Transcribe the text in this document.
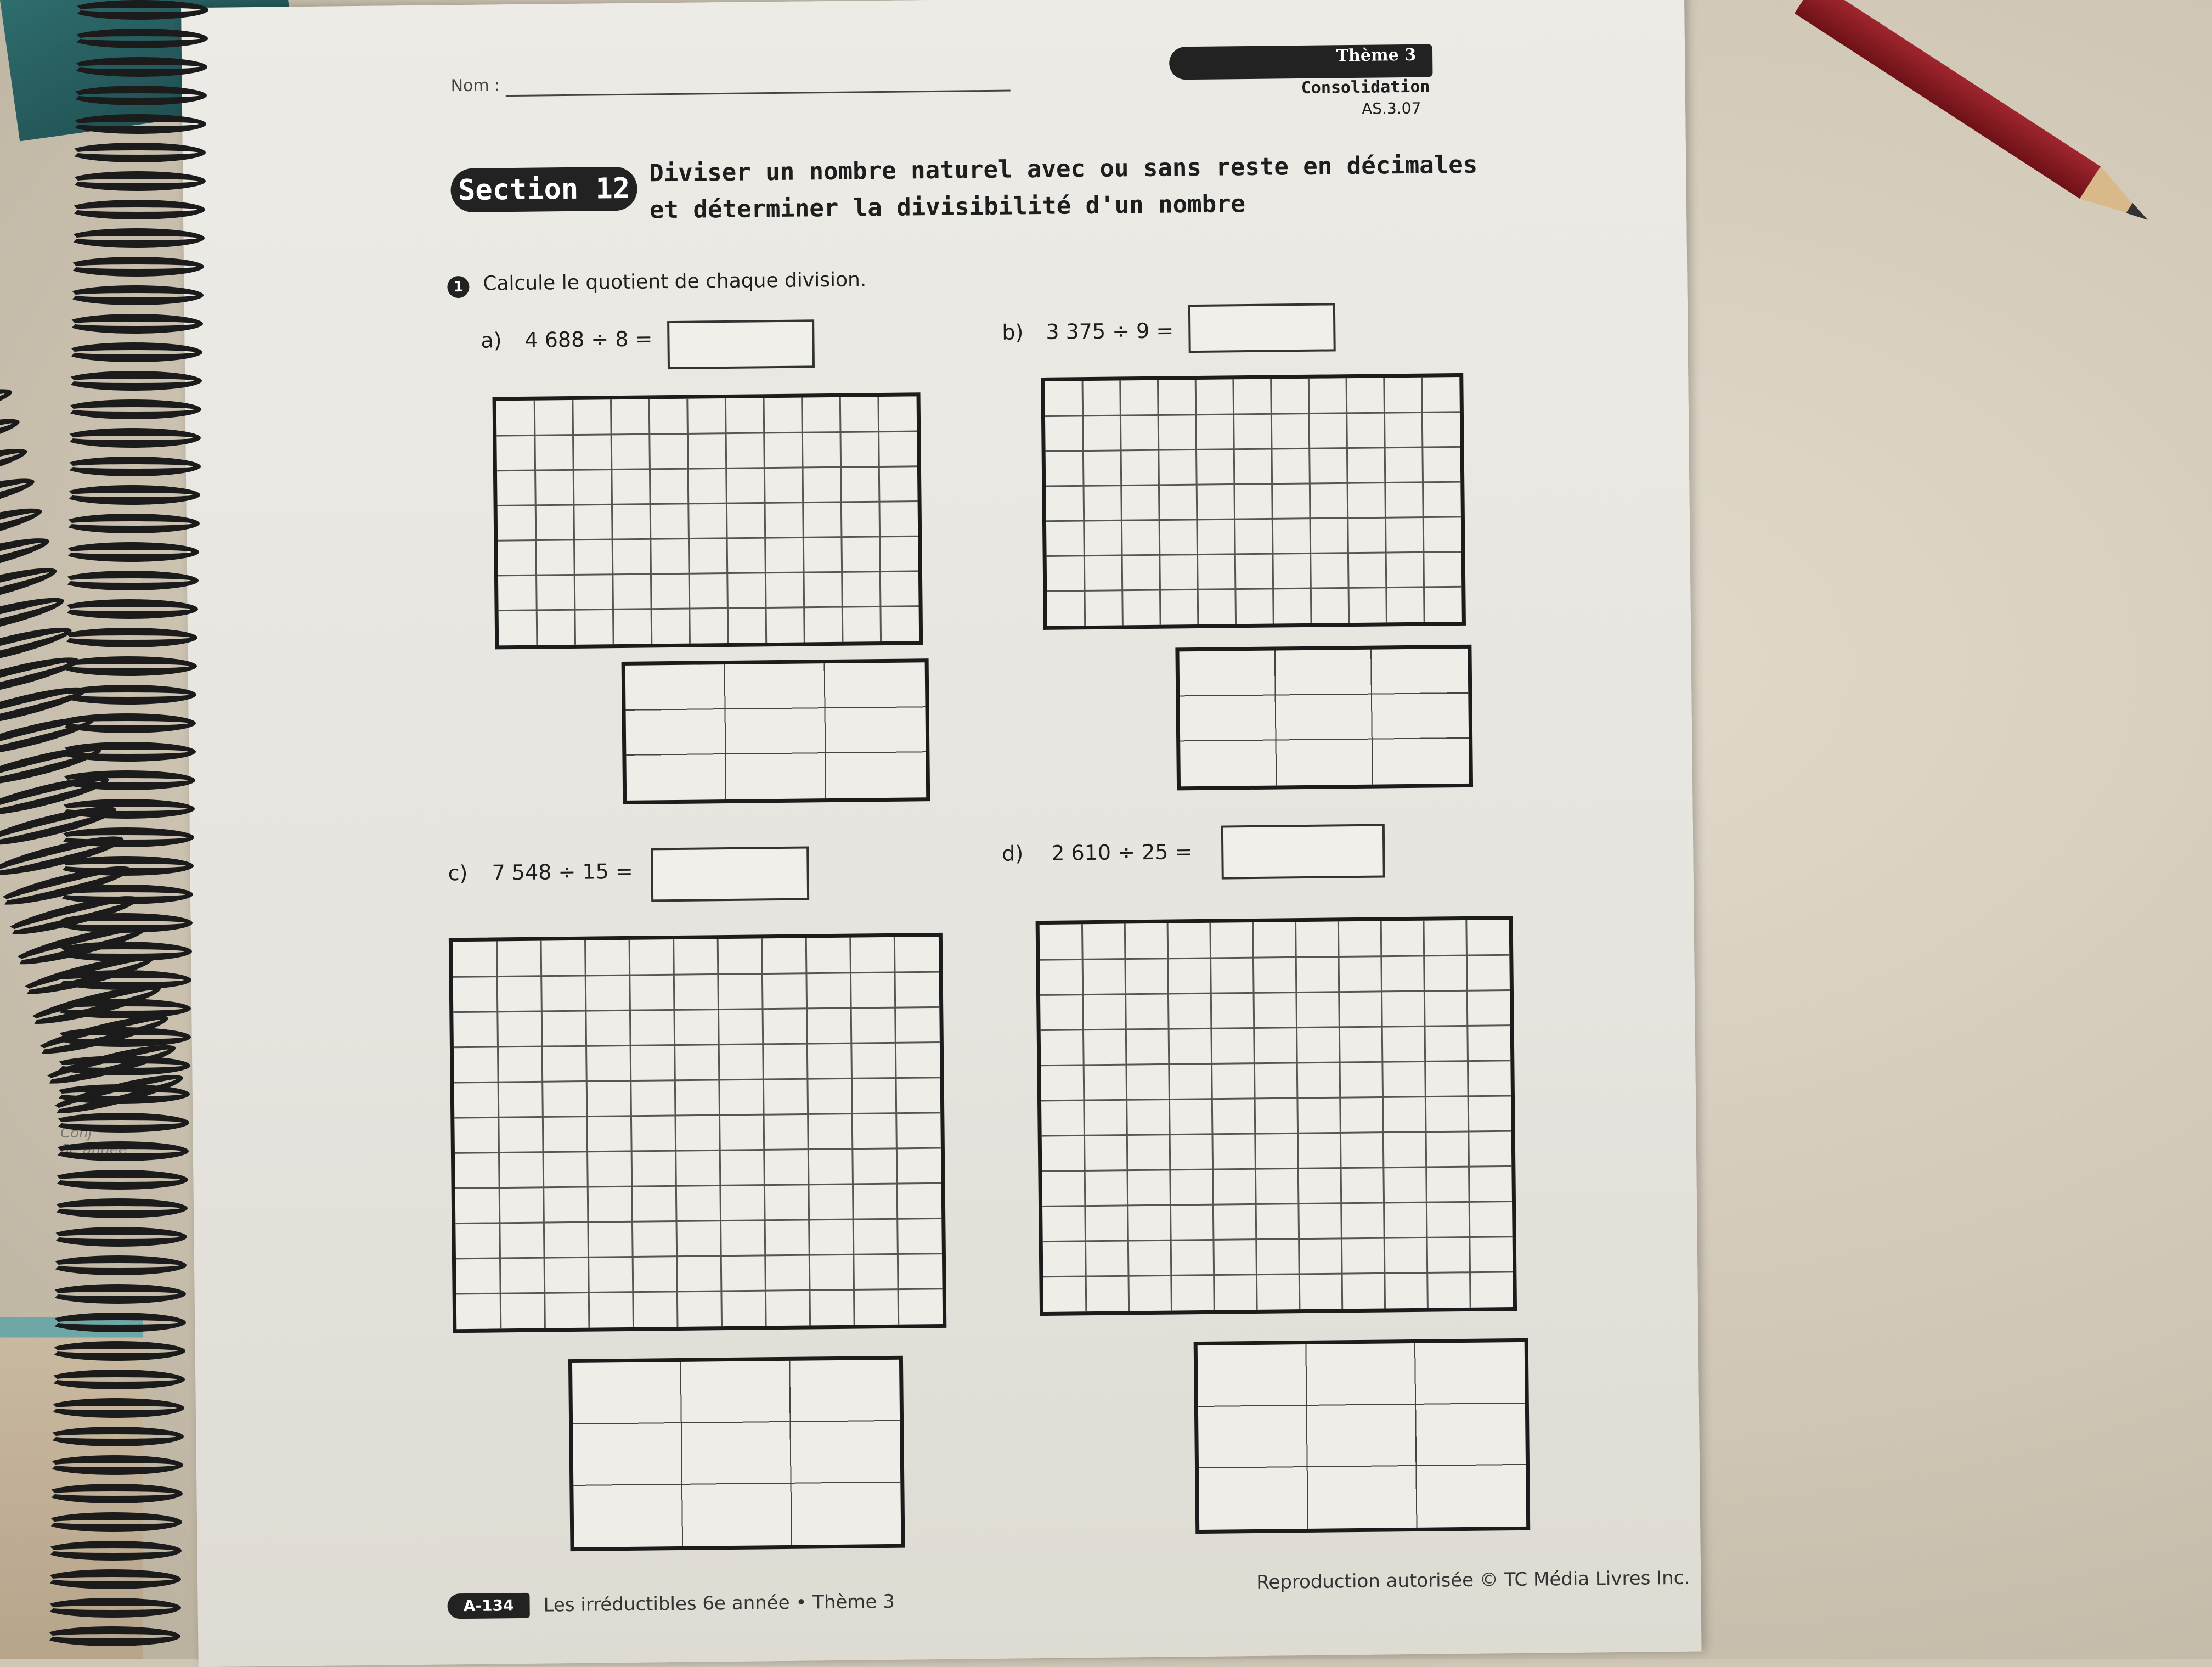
Conj
6e année
Nom :
Thème 3
Consolidation
AS.3.07
Section 12
Diviser un nombre naturel avec ou sans reste en décimales
et déterminer la divisibilité d'un nombre
1 Calcule le quotient de chaque division.
a) 4 688 ÷ 8 =	b) 3 375 ÷ 9 =
c) 7 548 ÷ 15 =
d) 2 610 ÷ 25 =
A-134	Les irréductibles 6e année • Thème 3
Reproduction autorisée © TC Média Livres Inc.
